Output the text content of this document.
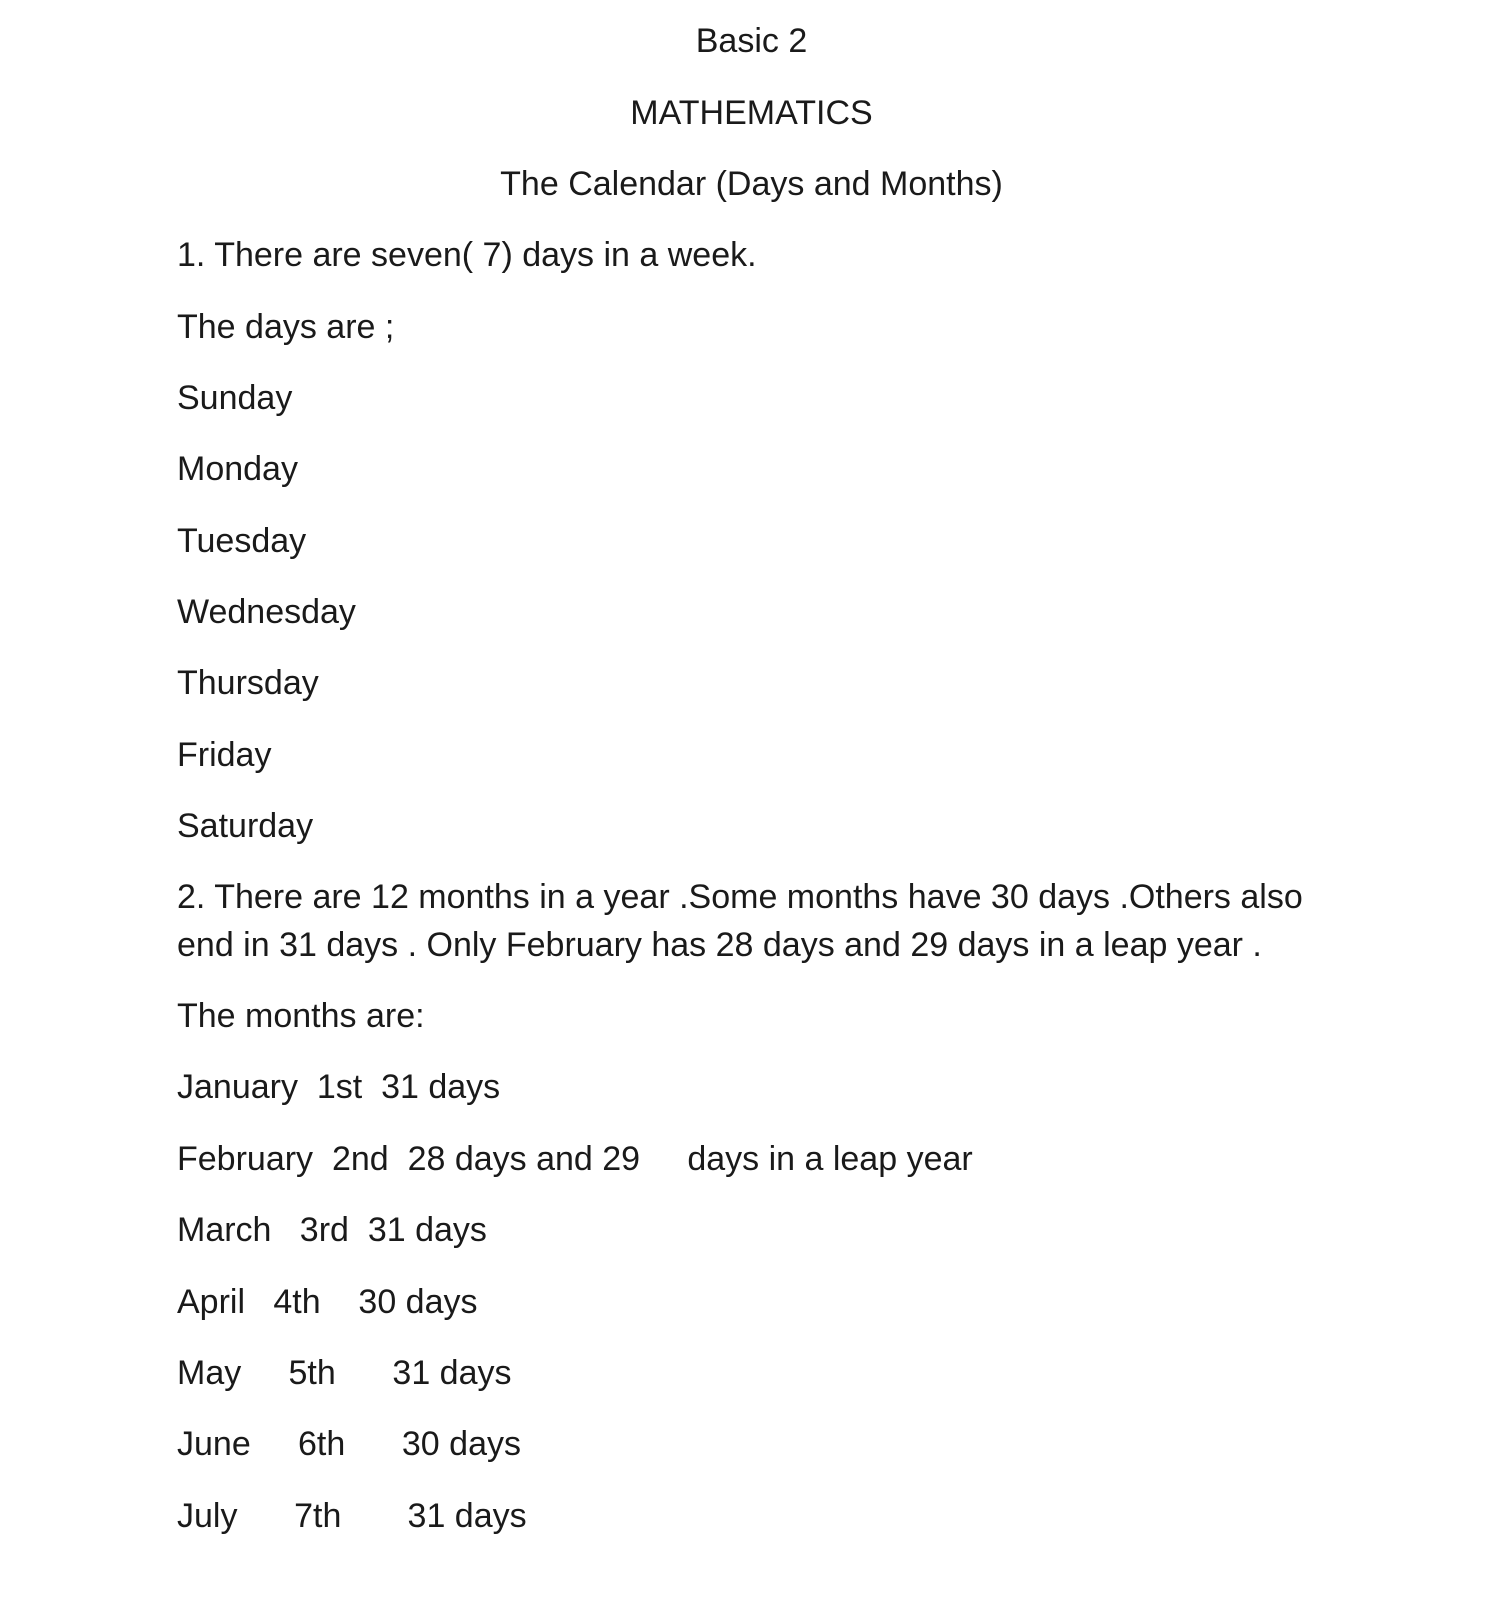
Basic 2

MATHEMATICS

The Calendar (Days and Months)

1. There are seven( 7) days in a week.

The days are ;

Sunday

Monday

Tuesday

Wednesday

Thursday

Friday

Saturday

2. There are 12 months in a year .Some months have 30 days .Others also end in 31 days . Only February has 28 days and 29 days in a leap year .

The months are:

January  1st  31 days

February  2nd  28 days and 29     days in a leap year

March   3rd  31 days

April   4th    30 days

May     5th      31 days

June     6th      30 days

July      7th       31 days
